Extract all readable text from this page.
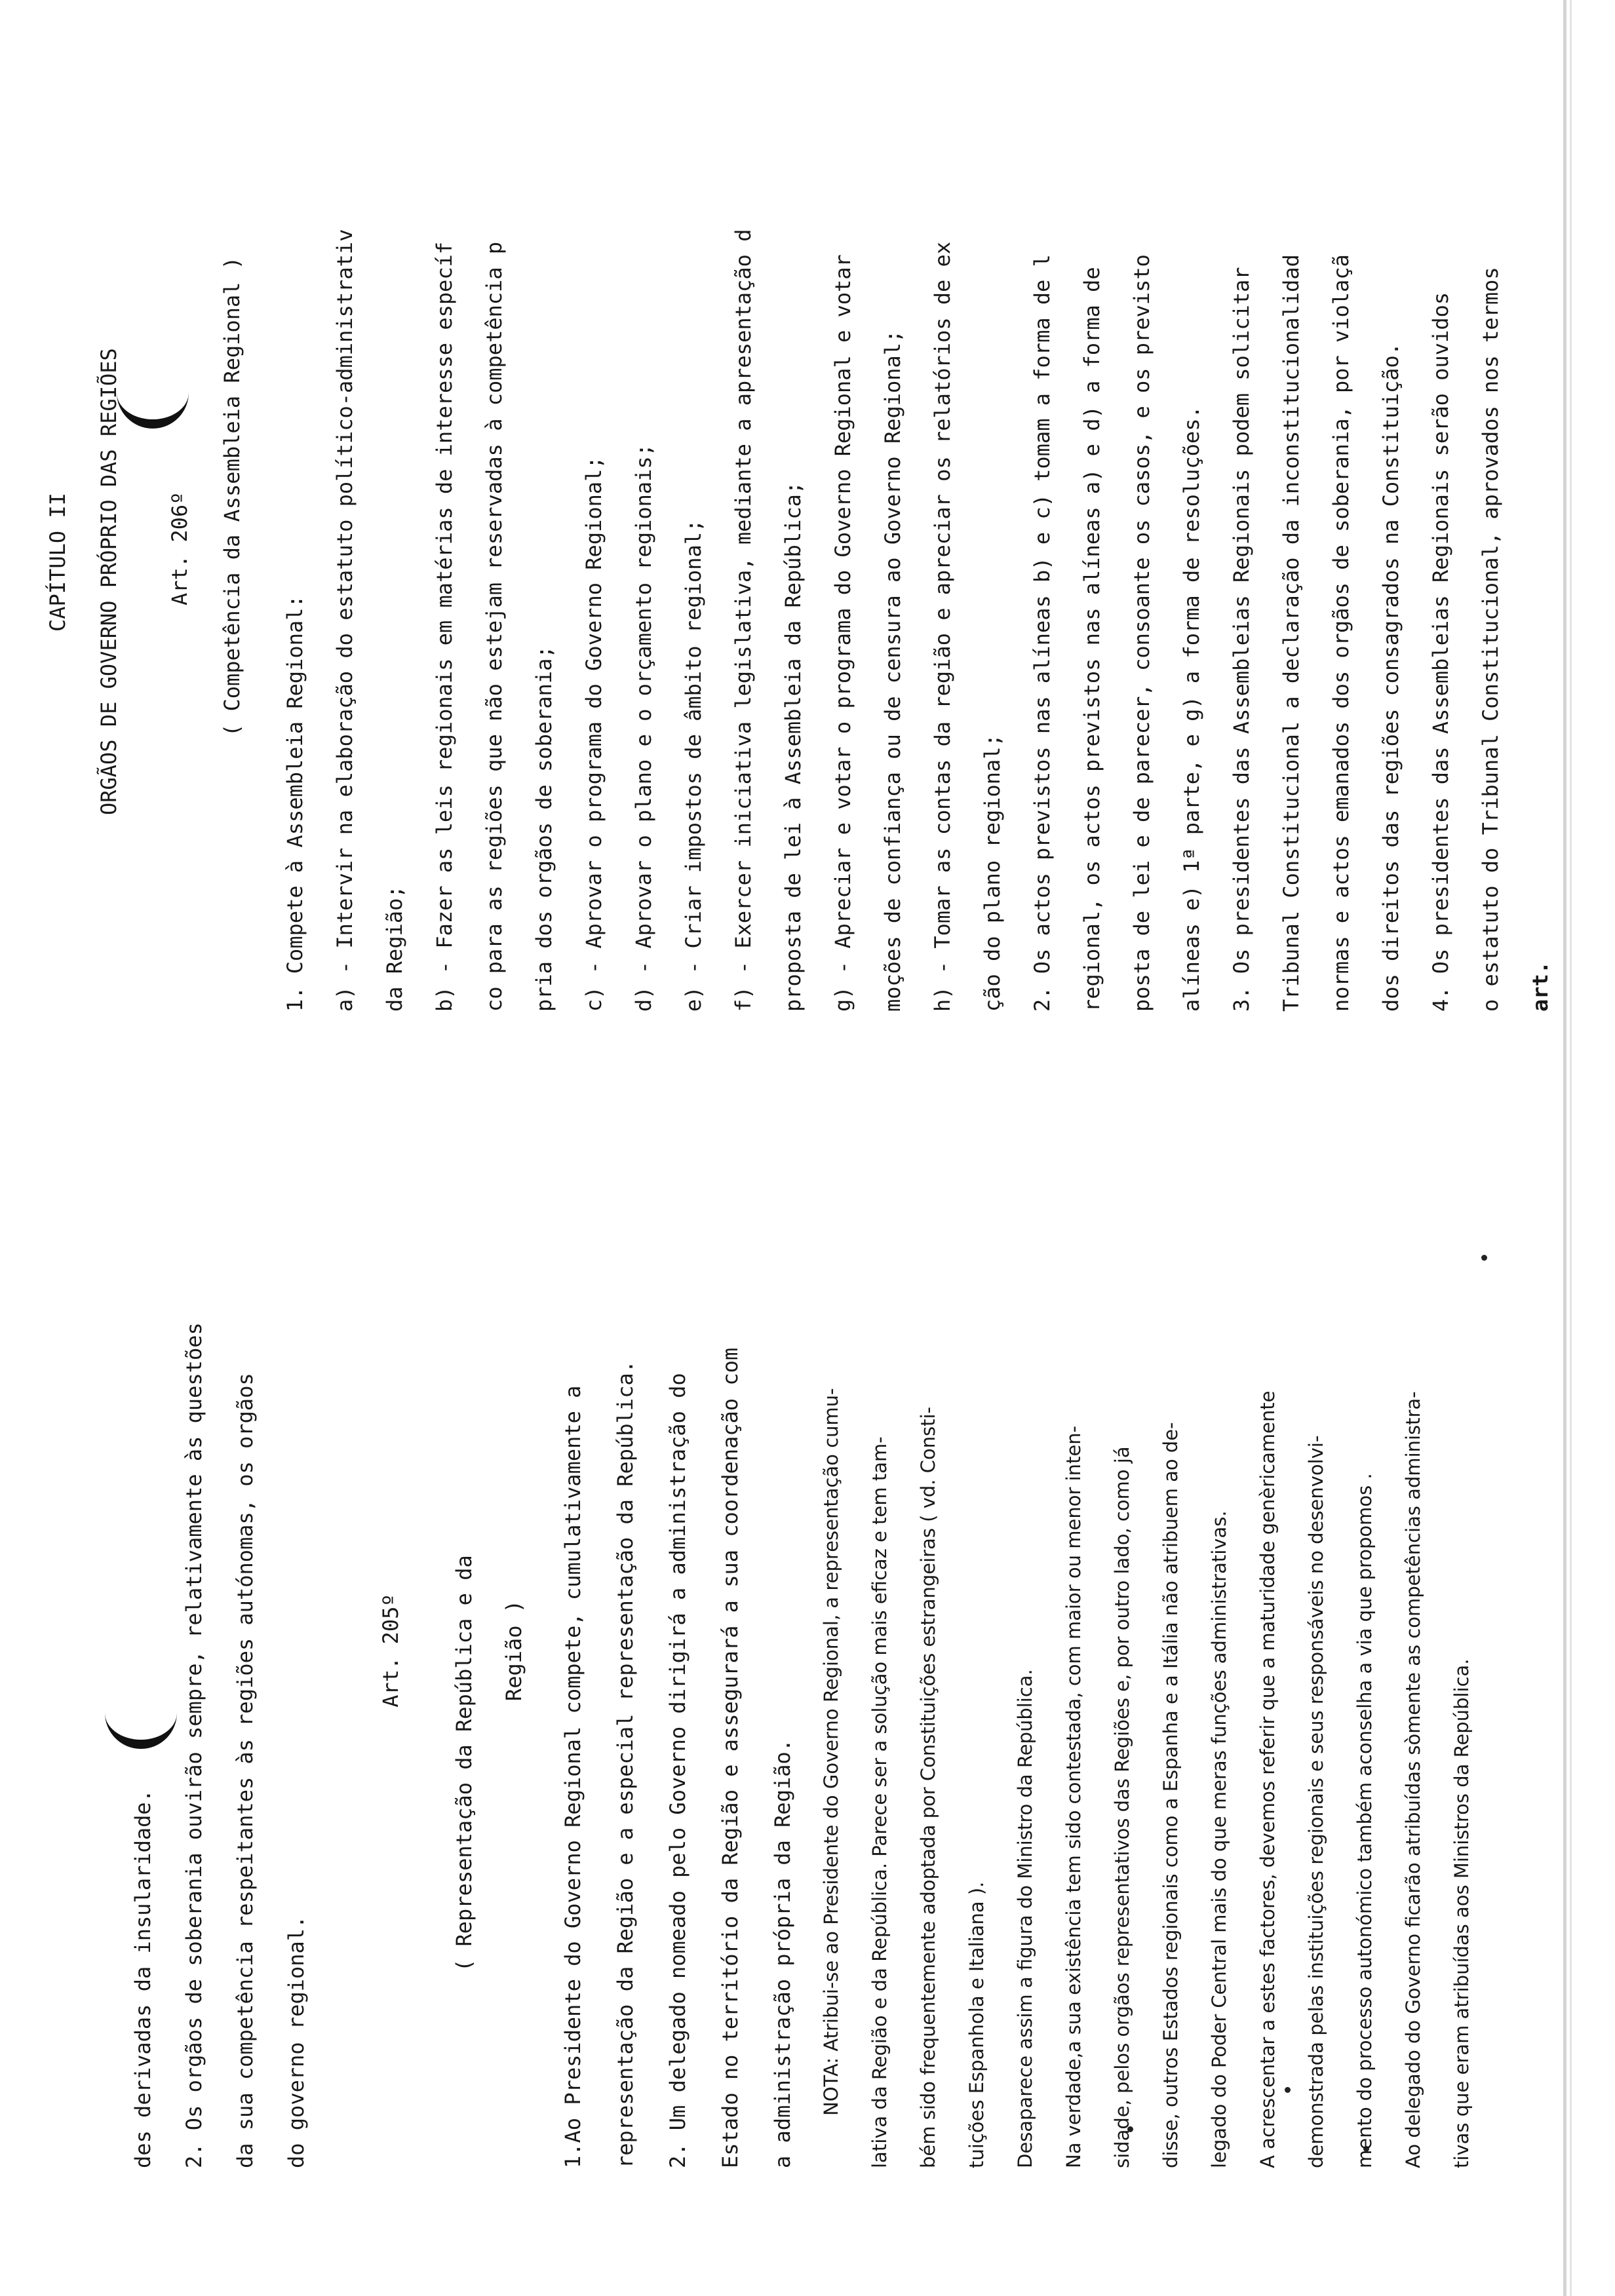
des derivadas da insularidade. 2. Os orgãos de soberania ouvirão sempre, relativamente às questões da sua competência respeitantes às regiões autónomas, os orgãos do governo regional.
Art. 205º ( Representação da República e da Região ) 1.Ao Presidente do Governo Regional compete, cumulativamente a representação da Região e a especial representação da República. 2. Um delegado nomeado pelo Governo dirigirá a administração do Estado no território da Região e assegurará a sua coordenação com a administração própria da Região. NOTA: Atribui-se ao Presidente do Governo Regional, a representação cumu- lativa da Região e da República. Parece ser a solução mais eficaz e tem tam- bém sido frequentemente adoptada por Constituições estrangeiras ( vd. Consti- tuições Espanhola e Italiana ). Desaparece assim a figura do Ministro da República. Na verdade,a sua existência tem sido contestada, com maior ou menor inten- sidade, pelos orgãos representativos das Regiões e, por outro lado, como já disse, outros Estados regionais como a Espanha e a Itália não atribuem ao de- legado do Poder Central mais do que meras funções administrativas. A acrescentar a estes factores, devemos referir que a maturidade genèricamente demonstrada pelas instituições regionais e seus responsáveis no desenvolvi- mento do processo autonómico também aconselha a via que propomos . Ao delegado do Governo ficarão atribuídas sòmente as competências administra- tivas que eram atribuídas aos Ministros da República.
CAPÍTULO II ORGÃOS DE GOVERNO PRÓPRIO DAS REGIÕES Art. 206º ( Competência da Assembleia Regional )
1. Compete à Assembleia Regional: a) - Intervir na elaboração do estatuto político-administrativ da Região; b) - Fazer as leis regionais em matérias de interesse específ co para as regiões que não estejam reservadas à competência p pria dos orgãos de soberania; c) - Aprovar o programa do Governo Regional; d) - Aprovar o plano e o orçamento regionais; e) - Criar impostos de âmbito regional; f) - Exercer iniciativa legislativa, mediante a apresentação d proposta de lei à Assembleia da República; g) - Apreciar e votar o programa do Governo Regional e votar moções de confiança ou de censura ao Governo Regional; h) - Tomar as contas da região e apreciar os relatórios de ex ção do plano regional; 2. Os actos previstos nas alíneas b) e c) tomam a forma de l regional, os actos previstos nas alíneas a) e d) a forma de posta de lei e de parecer, consoante os casos, e os previsto alíneas e) 1ª parte, e g) a forma de resoluções. 3. Os presidentes das Assembleias Regionais podem solicitar Tribunal Constitucional a declaração da inconstitucionalidad normas e actos emanados dos orgãos de soberania, por violaçã dos direitos das regiões consagrados na Constituição. 4. Os presidentes das Assembleias Regionais serão ouvidos o estatuto do Tribunal Constitucional, aprovados nos termos art.
